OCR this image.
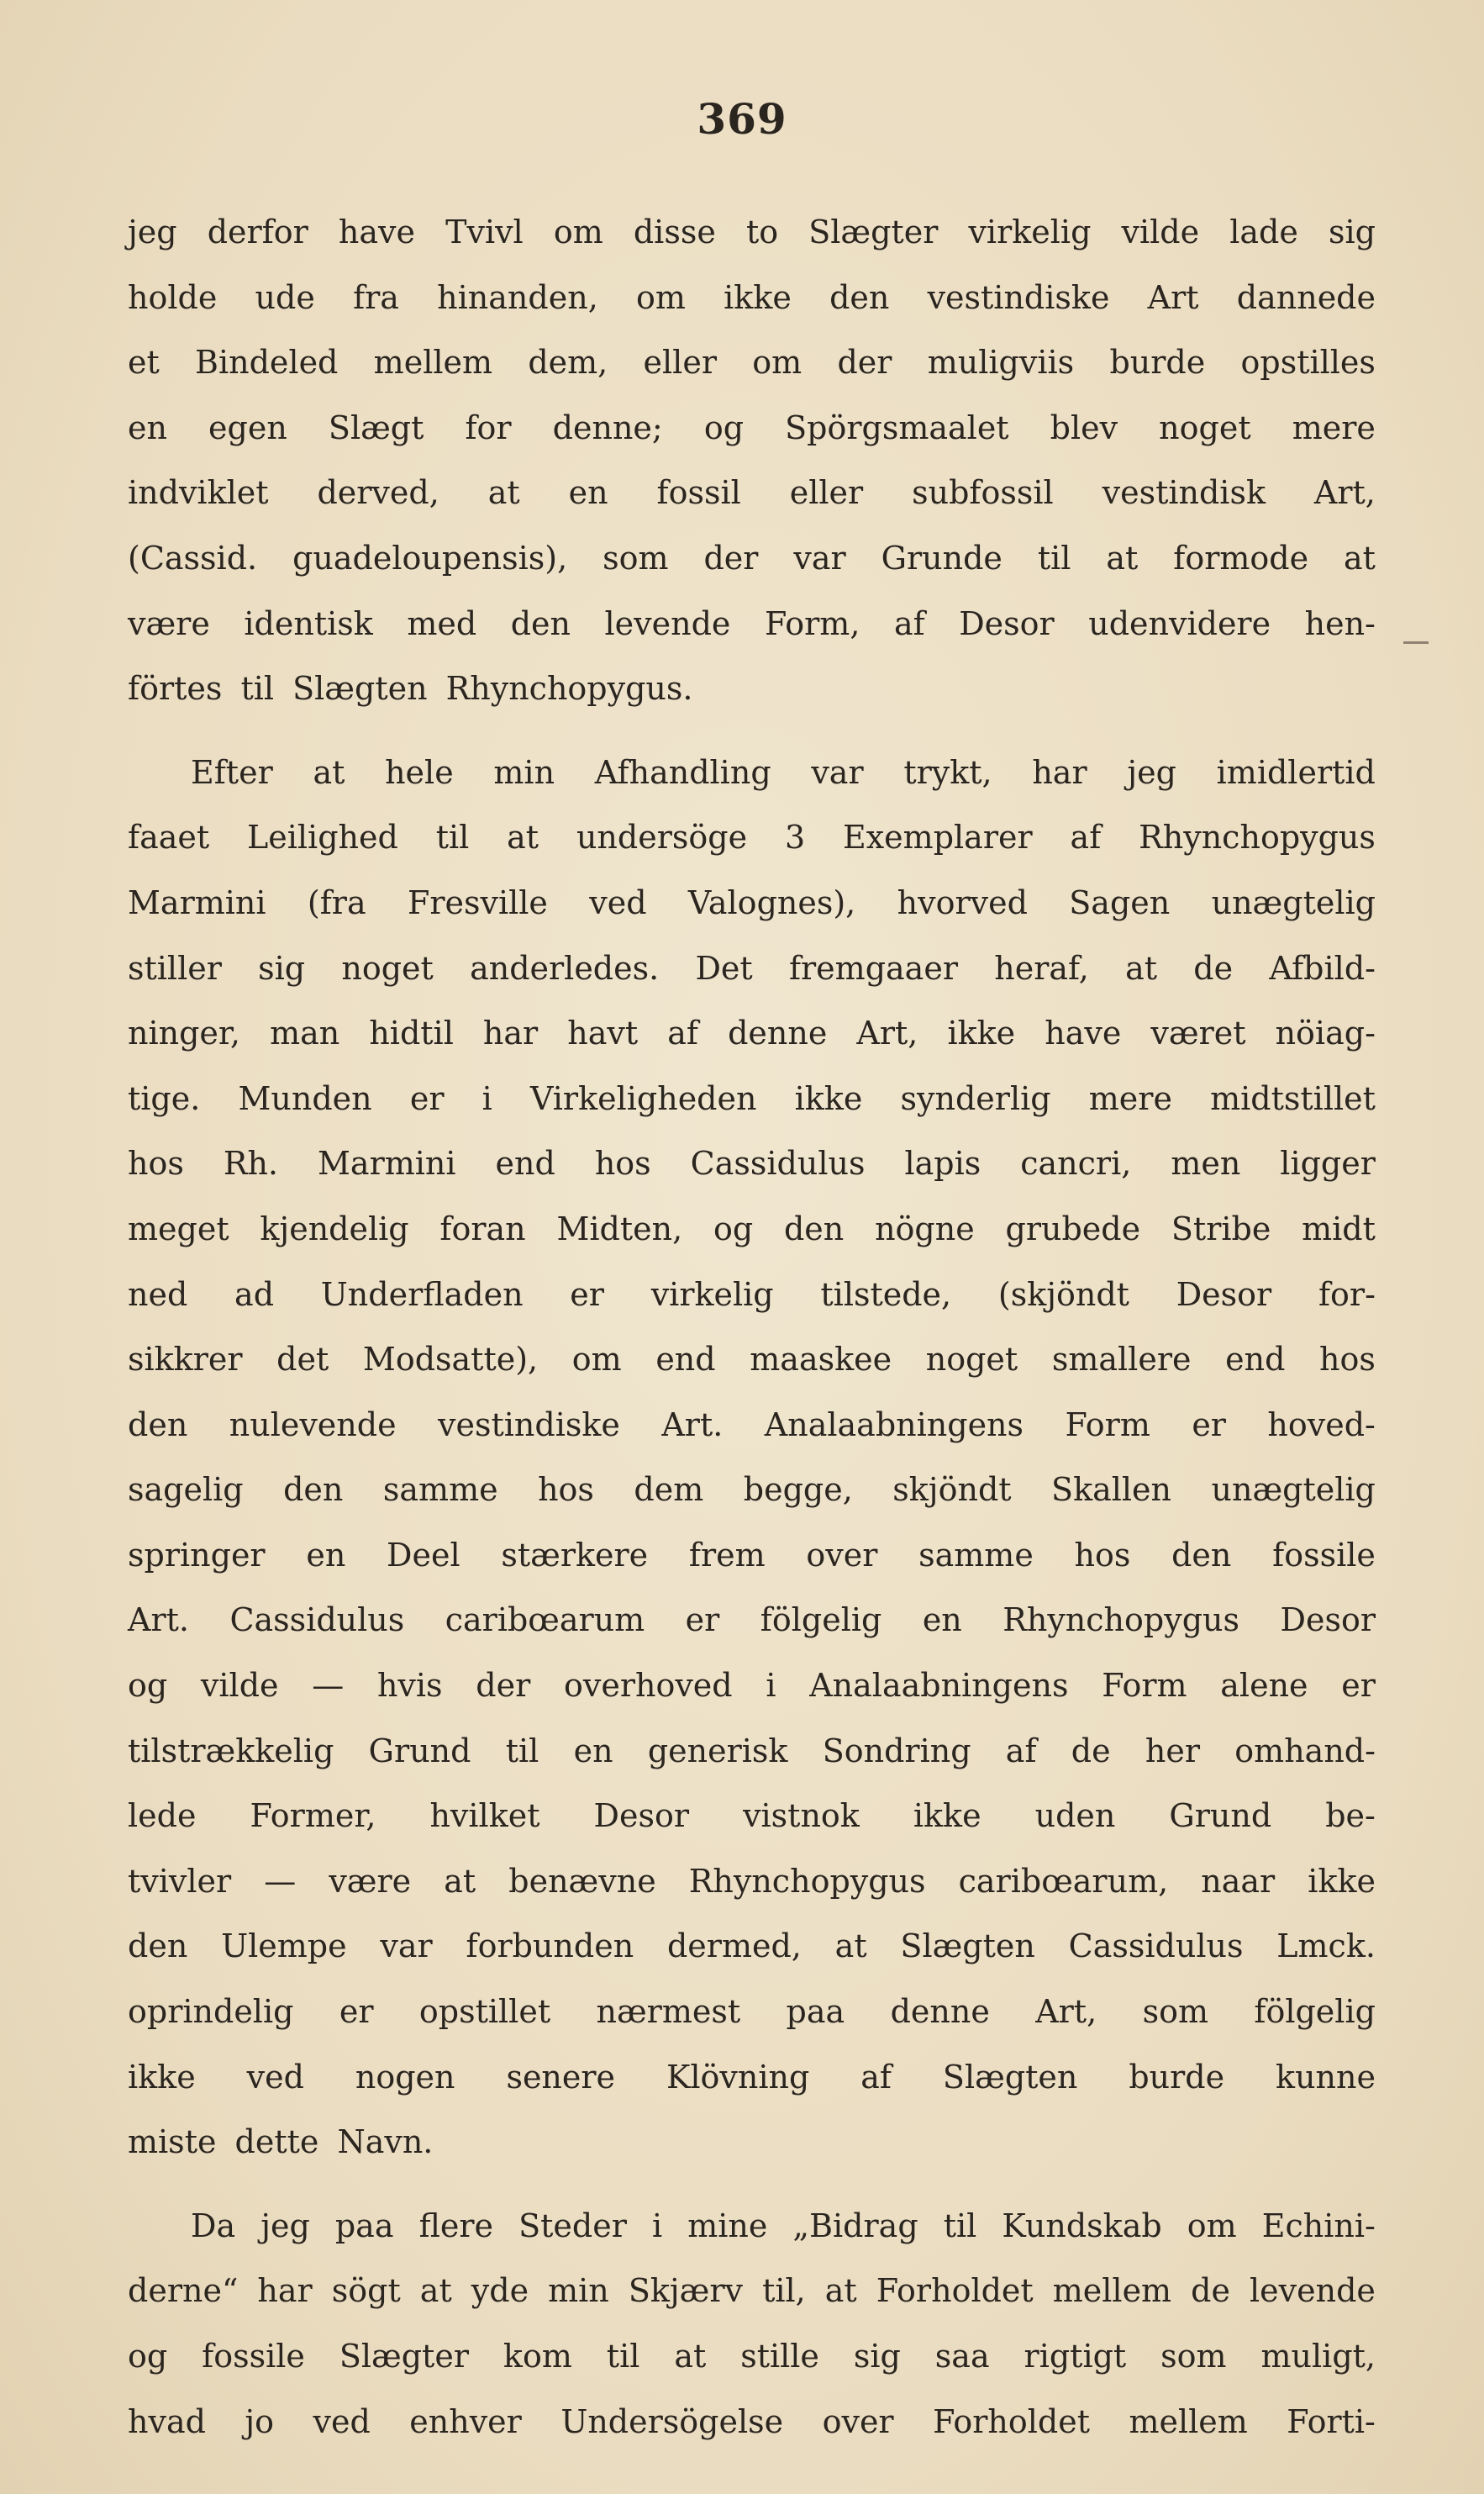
369
jeg derfor have Tvivl om disse to Slægter virkelig vilde lade sig
holde ude fra hinanden, om ikke den vestindiske Art dannede
et Bindeled mellem dem, eller om der muligviis burde opstilles
en egen Slægt for denne; og Spörgsmaalet blev noget mere
indviklet derved, at en fossil eller subfossil vestindisk Art,
(Cassid. guadeloupensis), som der var Grunde til at formode at
være identisk med den levende Form, af Desor udenvidere hen-
förtes til Slægten Rhynchopygus.
Efter at hele min Afhandling var trykt, har jeg imidlertid
faaet Leilighed til at undersöge 3 Exemplarer af Rhynchopygus
Marmini (fra Fresville ved Valognes), hvorved Sagen unægtelig
stiller sig noget anderledes. Det fremgaaer heraf, at de Afbild-
ninger, man hidtil har havt af denne Art, ikke have været nöiag-
tige. Munden er i Virkeligheden ikke synderlig mere midtstillet
hos Rh. Marmini end hos Cassidulus lapis cancri, men ligger
meget kjendelig foran Midten, og den nögne grubede Stribe midt
ned ad Underfladen er virkelig tilstede, (skjöndt Desor for-
sikkrer det Modsatte), om end maaskee noget smallere end hos
den nulevende vestindiske Art. Analaabningens Form er hoved-
sagelig den samme hos dem begge, skjöndt Skallen unægtelig
springer en Deel stærkere frem over samme hos den fossile
Art. Cassidulus caribœarum er fölgelig en Rhynchopygus Desor
og vilde — hvis der overhoved i Analaabningens Form alene er
tilstrækkelig Grund til en generisk Sondring af de her omhand-
lede Former, hvilket Desor vistnok ikke uden Grund be-
tvivler — være at benævne Rhynchopygus caribœarum, naar ikke
den Ulempe var forbunden dermed, at Slægten Cassidulus Lmck.
oprindelig er opstillet nærmest paa denne Art, som fölgelig
ikke ved nogen senere Klövning af Slægten burde kunne
miste dette Navn.
Da jeg paa flere Steder i mine „Bidrag til Kundskab om Echini-
derne“ har sögt at yde min Skjærv til, at Forholdet mellem de levende
og fossile Slægter kom til at stille sig saa rigtigt som muligt,
hvad jo ved enhver Undersögelse over Forholdet mellem Forti-
